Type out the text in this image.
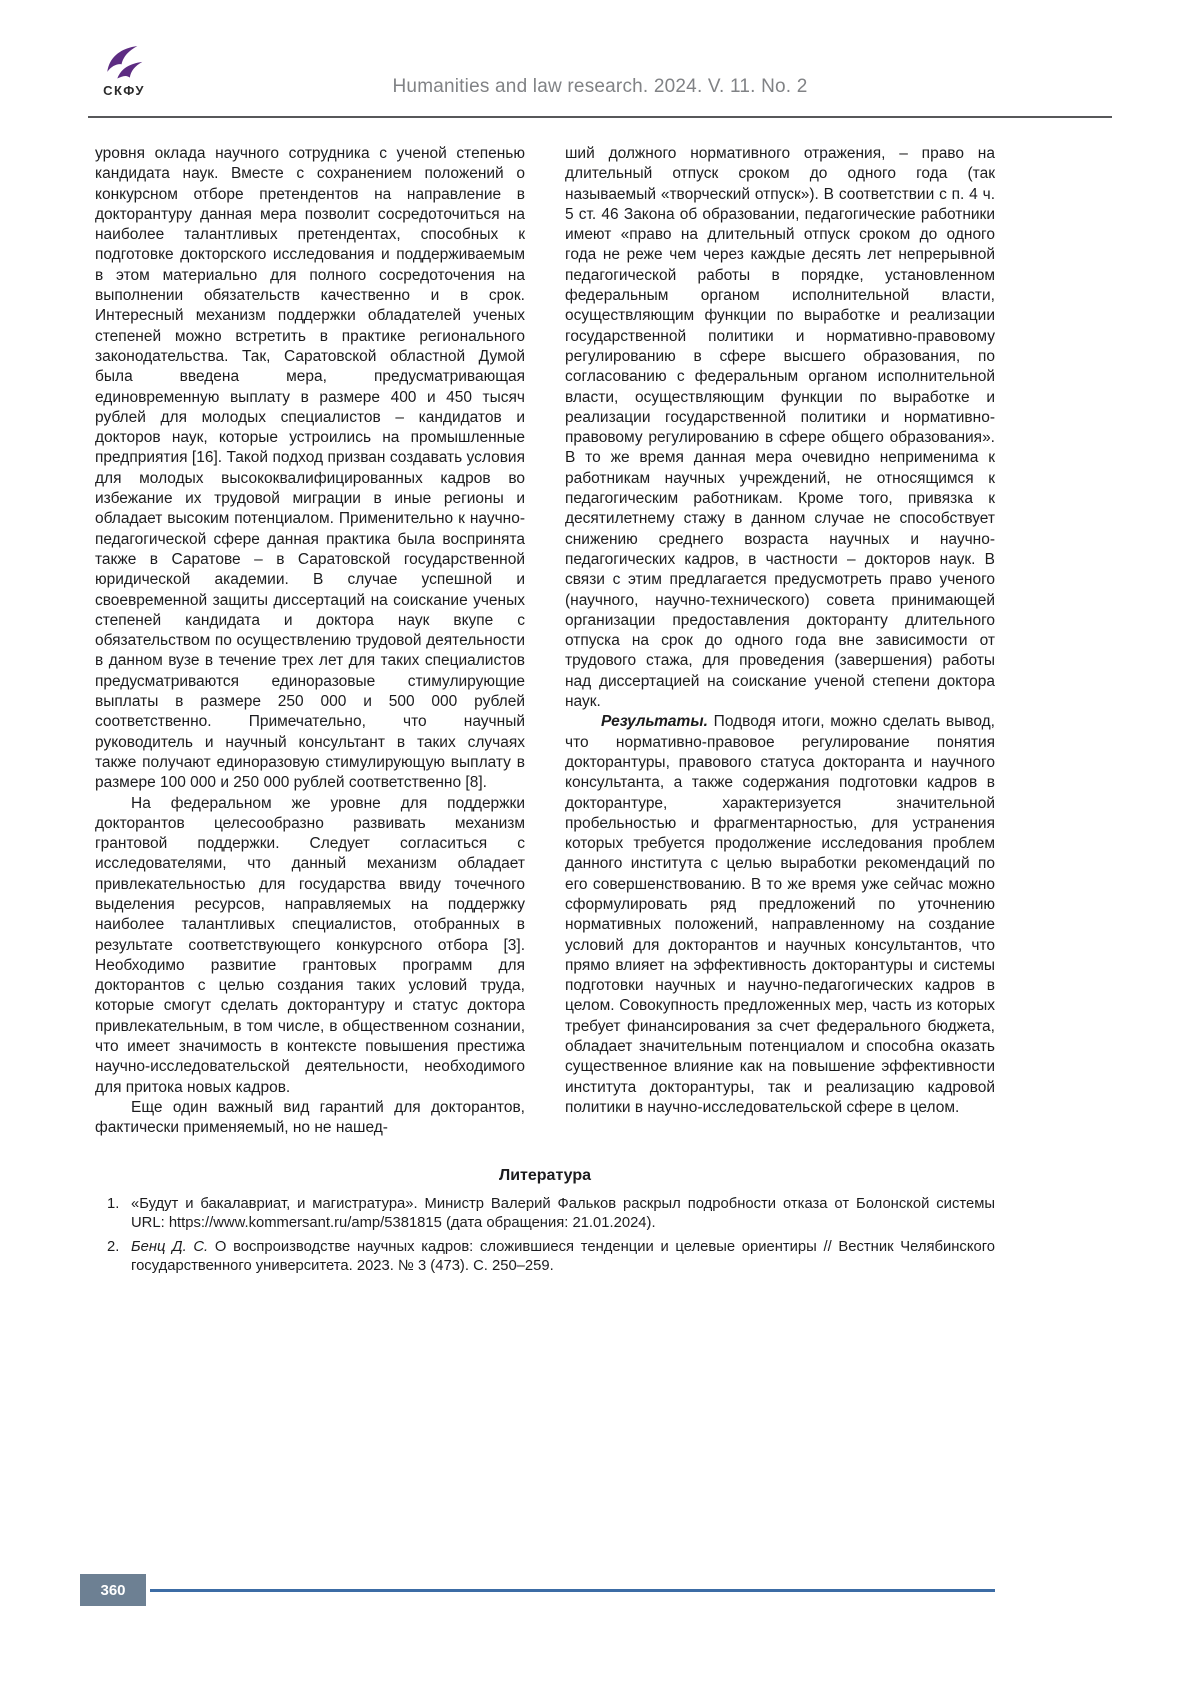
СКФУ	Humanities and law research. 2024. V. 11. No. 2

уровня оклада научного сотрудника с ученой степенью кандидата наук. Вместе с сохранением положений о конкурсном отборе претендентов на направление в докторантуру данная мера позволит сосредоточиться на наиболее талантливых претендентах, способных к подготовке докторского исследования и поддерживаемым в этом материально для полного сосредоточения на выполнении обязательств качественно и в срок. Интересный механизм поддержки обладателей ученых степеней можно встретить в практике регионального законодательства. Так, Саратовской областной Думой была введена мера, предусматривающая единовременную выплату в размере 400 и 450 тысяч рублей для молодых специалистов – кандидатов и докторов наук, которые устроились на промышленные предприятия [16]. Такой подход призван создавать условия для молодых высококвалифицированных кадров во избежание их трудовой миграции в иные регионы и обладает высоким потенциалом. Применительно к научно-педагогической сфере данная практика была воспринята также в Саратове – в Саратовской государственной юридической академии. В случае успешной и своевременной защиты диссертаций на соискание ученых степеней кандидата и доктора наук вкупе с обязательством по осуществлению трудовой деятельности в данном вузе в течение трех лет для таких специалистов предусматриваются единоразовые стимулирующие выплаты в размере 250 000 и 500 000 рублей соответственно. Примечательно, что научный руководитель и научный консультант в таких случаях также получают единоразовую стимулирующую выплату в размере 100 000 и 250 000 рублей соответственно [8].

На федеральном же уровне для поддержки докторантов целесообразно развивать механизм грантовой поддержки. Следует согласиться с исследователями, что данный механизм обладает привлекательностью для государства ввиду точечного выделения ресурсов, направляемых на поддержку наиболее талантливых специалистов, отобранных в результате соответствующего конкурсного отбора [3]. Необходимо развитие грантовых программ для докторантов с целью создания таких условий труда, которые смогут сделать докторантуру и статус доктора привлекательным, в том числе, в общественном сознании, что имеет значимость в контексте повышения престижа научно-исследовательской деятельности, необходимого для притока новых кадров.

Еще один важный вид гарантий для докторантов, фактически применяемый, но не нашед-

ший должного нормативного отражения, – право на длительный отпуск сроком до одного года (так называемый «творческий отпуск»). В соответствии с п. 4 ч. 5 ст. 46 Закона об образовании, педагогические работники имеют «право на длительный отпуск сроком до одного года не реже чем через каждые десять лет непрерывной педагогической работы в порядке, установленном федеральным органом исполнительной власти, осуществляющим функции по выработке и реализации государственной политики и нормативно-правовому регулированию в сфере высшего образования, по согласованию с федеральным органом исполнительной власти, осуществляющим функции по выработке и реализации государственной политики и нормативно-правовому регулированию в сфере общего образования». В то же время данная мера очевидно неприменима к работникам научных учреждений, не относящимся к педагогическим работникам. Кроме того, привязка к десятилетнему стажу в данном случае не способствует снижению среднего возраста научных и научно-педагогических кадров, в частности – докторов наук. В связи с этим предлагается предусмотреть право ученого (научного, научно-технического) совета принимающей организации предоставления докторанту длительного отпуска на срок до одного года вне зависимости от трудового стажа, для проведения (завершения) работы над диссертацией на соискание ученой степени доктора наук.

Результаты. Подводя итоги, можно сделать вывод, что нормативно-правовое регулирование понятия докторантуры, правового статуса докторанта и научного консультанта, а также содержания подготовки кадров в докторантуре, характеризуется значительной пробельностью и фрагментарностью, для устранения которых требуется продолжение исследования проблем данного института с целью выработки рекомендаций по его совершенствованию. В то же время уже сейчас можно сформулировать ряд предложений по уточнению нормативных положений, направленному на создание условий для докторантов и научных консультантов, что прямо влияет на эффективность докторантуры и системы подготовки научных и научно-педагогических кадров в целом. Совокупность предложенных мер, часть из которых требует финансирования за счет федерального бюджета, обладает значительным потенциалом и способна оказать существенное влияние как на повышение эффективности института докторантуры, так и реализацию кадровой политики в научно-исследовательской сфере в целом.

Литература
1. «Будут и бакалавриат, и магистратура». Министр Валерий Фальков раскрыл подробности отказа от Болонской системы URL: https://www.kommersant.ru/amp/5381815 (дата обращения: 21.01.2024).
2. Бенц Д. С. О воспроизводстве научных кадров: сложившиеся тенденции и целевые ориентиры // Вестник Челябинского государственного университета. 2023. № 3 (473). С. 250–259.
360
